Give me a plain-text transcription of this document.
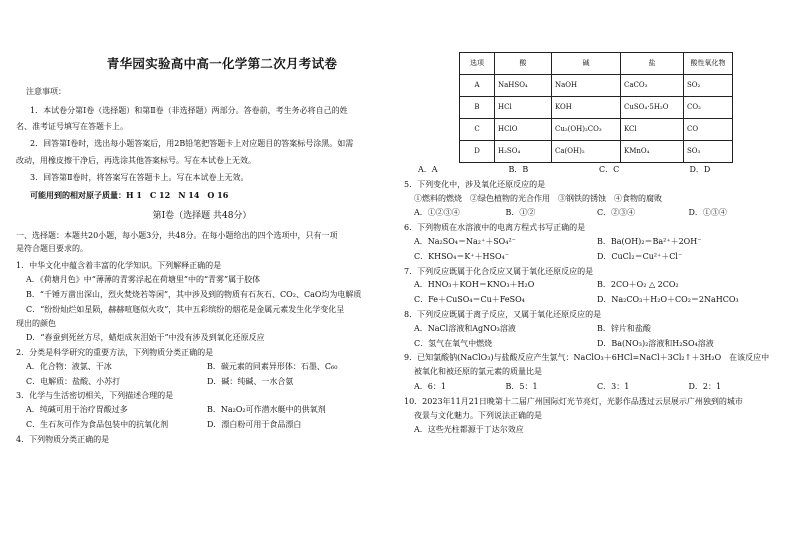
青华园实验高中高一化学第二次月考试卷
注意事项：
1．本试卷分第Ⅰ卷（选择题）和第Ⅱ卷（非选择题）两部分。答卷前，考生务必将自己的姓
名、准考证号填写在答题卡上。
2．回答第Ⅰ卷时，选出每小题答案后，用2B铅笔把答题卡上对应题目的答案标号涂黑。如需
改动，用橡皮擦干净后，再选涂其他答案标号。写在本试卷上无效。
3．回答第Ⅱ卷时，将答案写在答题卡上。写在本试卷上无效。
可能用到的相对原子质量：H 1　C 12　N 14　O 16
第Ⅰ卷（选择题 共48分）
一、选择题：本题共20小题，每小题3分，共48分。在每小题给出的四个选项中，只有一项
是符合题目要求的。
1．中华文化中蕴含着丰富的化学知识。下列解释正确的是
A．《荷塘月色》中“薄薄的青雾浮起在荷塘里”中的“青雾”属于胶体
B．“千锤万凿出深山，烈火焚烧若等闲”，其中涉及到的物质有石灰石、CO₂、CaO均为电解质
C．“纷纷灿烂如星陨，赫赫喧豗似火攻”，其中五彩缤纷的烟花是金属元素发生化学变化呈
现出的颜色
D．“春蚕到死丝方尽，蜡炬成灰泪始干”中没有涉及到氧化还原反应
2．分类是科学研究的重要方法，下列物质分类正确的是
A．化合物：液氯、干冰	B．碳元素的同素异形体：石墨、C₆₀
C．电解质：盐酸、小苏打	D．碱：纯碱、一水合氨
3．化学与生活密切相关，下列描述合理的是
A．纯碱可用于治疗胃酸过多	B．Na₂O₂可作潜水艇中的供氧剂
C．生石灰可作为食品包装中的抗氧化剂	D．漂白粉可用于食品漂白
4．下列物质分类正确的是
选项	酸	碱	盐	酸性氧化物
A	NaHSO₄	NaOH	CaCO₃	SO₂
B	HCl	KOH	CuSO₄·5H₂O	CO₂
C	HClO	Cu₂(OH)₂CO₃	KCl	CO
D	H₂SO₄	Ca(OH)₂	KMnO₄	SO₃
A．A	B．B	C．C	D．D
5．下列变化中，涉及氧化还原反应的是
①燃料的燃烧　②绿色植物的光合作用　③钢铁的锈蚀　④食物的腐败
A．①②③④	B．①②	C．②③④	D．①③④
6．下列物质在水溶液中的电离方程式书写正确的是
A．Na₂SO₄＝Na₂⁺＋SO₄²⁻	B．Ba(OH)₂＝Ba²⁺＋2OH⁻
C．KHSO₄＝K⁺＋HSO₄⁻	D．CuCl₂＝Cu²⁺＋Cl⁻
7．下列反应既属于化合反应又属于氧化还原反应的是
A．HNO₃＋KOH＝KNO₃＋H₂O	B．2CO＋O₂ △ 2CO₂
C．Fe＋CuSO₄＝Cu＋FeSO₄	D．Na₂CO₃＋H₂O＋CO₂＝2NaHCO₃
8．下列反应既属于离子反应，又属于氧化还原反应的是
A．NaCl溶液和AgNO₃溶液	B．锌片和盐酸
C．氢气在氧气中燃烧	D．Ba(NO₃)₂溶液和H₂SO₄溶液
9．已知氯酸钠(NaClO₃)与盐酸反应产生氯气：NaClO₃＋6HCl=NaCl＋3Cl₂↑＋3H₂O　在该反应中
被氧化和被还原的氯元素的质量比是
A．6：1	B．5：1	C．3：1	D．2：1
10．2023年11月21日晚第十二届广州国际灯光节亮灯，光影作品透过云层展示广州独到的城市
夜景与文化魅力。下列说法正确的是
A．这些光柱都源于丁达尔效应
